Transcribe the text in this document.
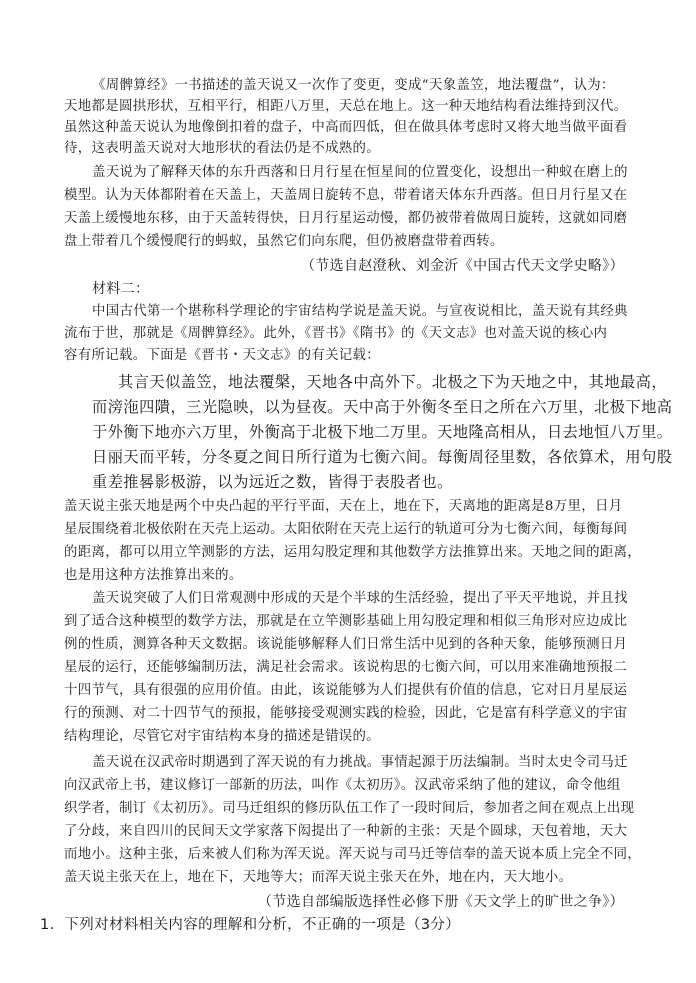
《周髀算经》一书描述的盖天说又一次作了变更，变成“天象盖笠，地法覆盘”，认为：
天地都是圆拱形状，互相平行，相距八万里，天总在地上。这一种天地结构看法维持到汉代。
虽然这种盖天说认为地像倒扣着的盘子，中高而四低，但在做具体考虑时又将大地当做平面看
待，这表明盖天说对大地形状的看法仍是不成熟的。
盖天说为了解释天体的东升西落和日月行星在恒星间的位置变化，设想出一种蚁在磨上的
模型。认为天体都附着在天盖上，天盖周日旋转不息，带着诸天体东升西落。但日月行星又在
天盖上缓慢地东移，由于天盖转得快，日月行星运动慢，都仍被带着做周日旋转，这就如同磨
盘上带着几个缓慢爬行的蚂蚁，虽然它们向东爬，但仍被磨盘带着西转。
（节选自赵澄秋、刘金沂《中国古代天文学史略》）
材料二：
中国古代第一个堪称科学理论的宇宙结构学说是盖天说。与宣夜说相比，盖天说有其经典
流布于世，那就是《周髀算经》。此外，《晋书》《隋书》的《天文志》也对盖天说的核心内
容有所记载。下面是《晋书・天文志》的有关记载：
其言天似盖笠，地法覆槃，天地各中高外下。北极之下为天地之中，其地最高，
而滂沲四隤，三光隐映，以为昼夜。天中高于外衡冬至日之所在六万里，北极下地高
于外衡下地亦六万里，外衡高于北极下地二万里。天地隆高相从，日去地恒八万里。
日丽天而平转，分冬夏之间日所行道为七衡六间。每衡周径里数，各依算术，用句股
重差推晷影极游，以为远近之数，皆得于表股者也。
盖天说主张天地是两个中央凸起的平行平面，天在上，地在下，天离地的距离是8万里，日月
星辰围绕着北极依附在天壳上运动。太阳依附在天壳上运行的轨道可分为七衡六间，每衡每间
的距离，都可以用立竿测影的方法，运用勾股定理和其他数学方法推算出来。天地之间的距离，
也是用这种方法推算出来的。
盖天说突破了人们日常观测中形成的天是个半球的生活经验，提出了平天平地说，并且找
到了适合这种模型的数学方法，那就是在立竿测影基础上用勾股定理和相似三角形对应边成比
例的性质，测算各种天文数据。该说能够解释人们日常生活中见到的各种天象，能够预测日月
星辰的运行，还能够编制历法，满足社会需求。该说构思的七衡六间，可以用来准确地预报二
十四节气，具有很强的应用价值。由此，该说能够为人们提供有价值的信息，它对日月星辰运
行的预测、对二十四节气的预报，能够接受观测实践的检验，因此，它是富有科学意义的宇宙
结构理论，尽管它对宇宙结构本身的描述是错误的。
盖天说在汉武帝时期遇到了浑天说的有力挑战。事情起源于历法编制。当时太史令司马迁
向汉武帝上书，建议修订一部新的历法，叫作《太初历》。汉武帝采纳了他的建议，命令他组
织学者，制订《太初历》。司马迁组织的修历队伍工作了一段时间后，参加者之间在观点上出现
了分歧，来自四川的民间天文学家落下闳提出了一种新的主张：天是个圆球，天包着地，天大
而地小。这种主张，后来被人们称为浑天说。浑天说与司马迁等信奉的盖天说本质上完全不同，
盖天说主张天在上，地在下，天地等大；而浑天说主张天在外，地在内，天大地小。
（节选自部编版选择性必修下册《天文学上的旷世之争》）
1．下列对材料相关内容的理解和分析，不正确的一项是（3分）
